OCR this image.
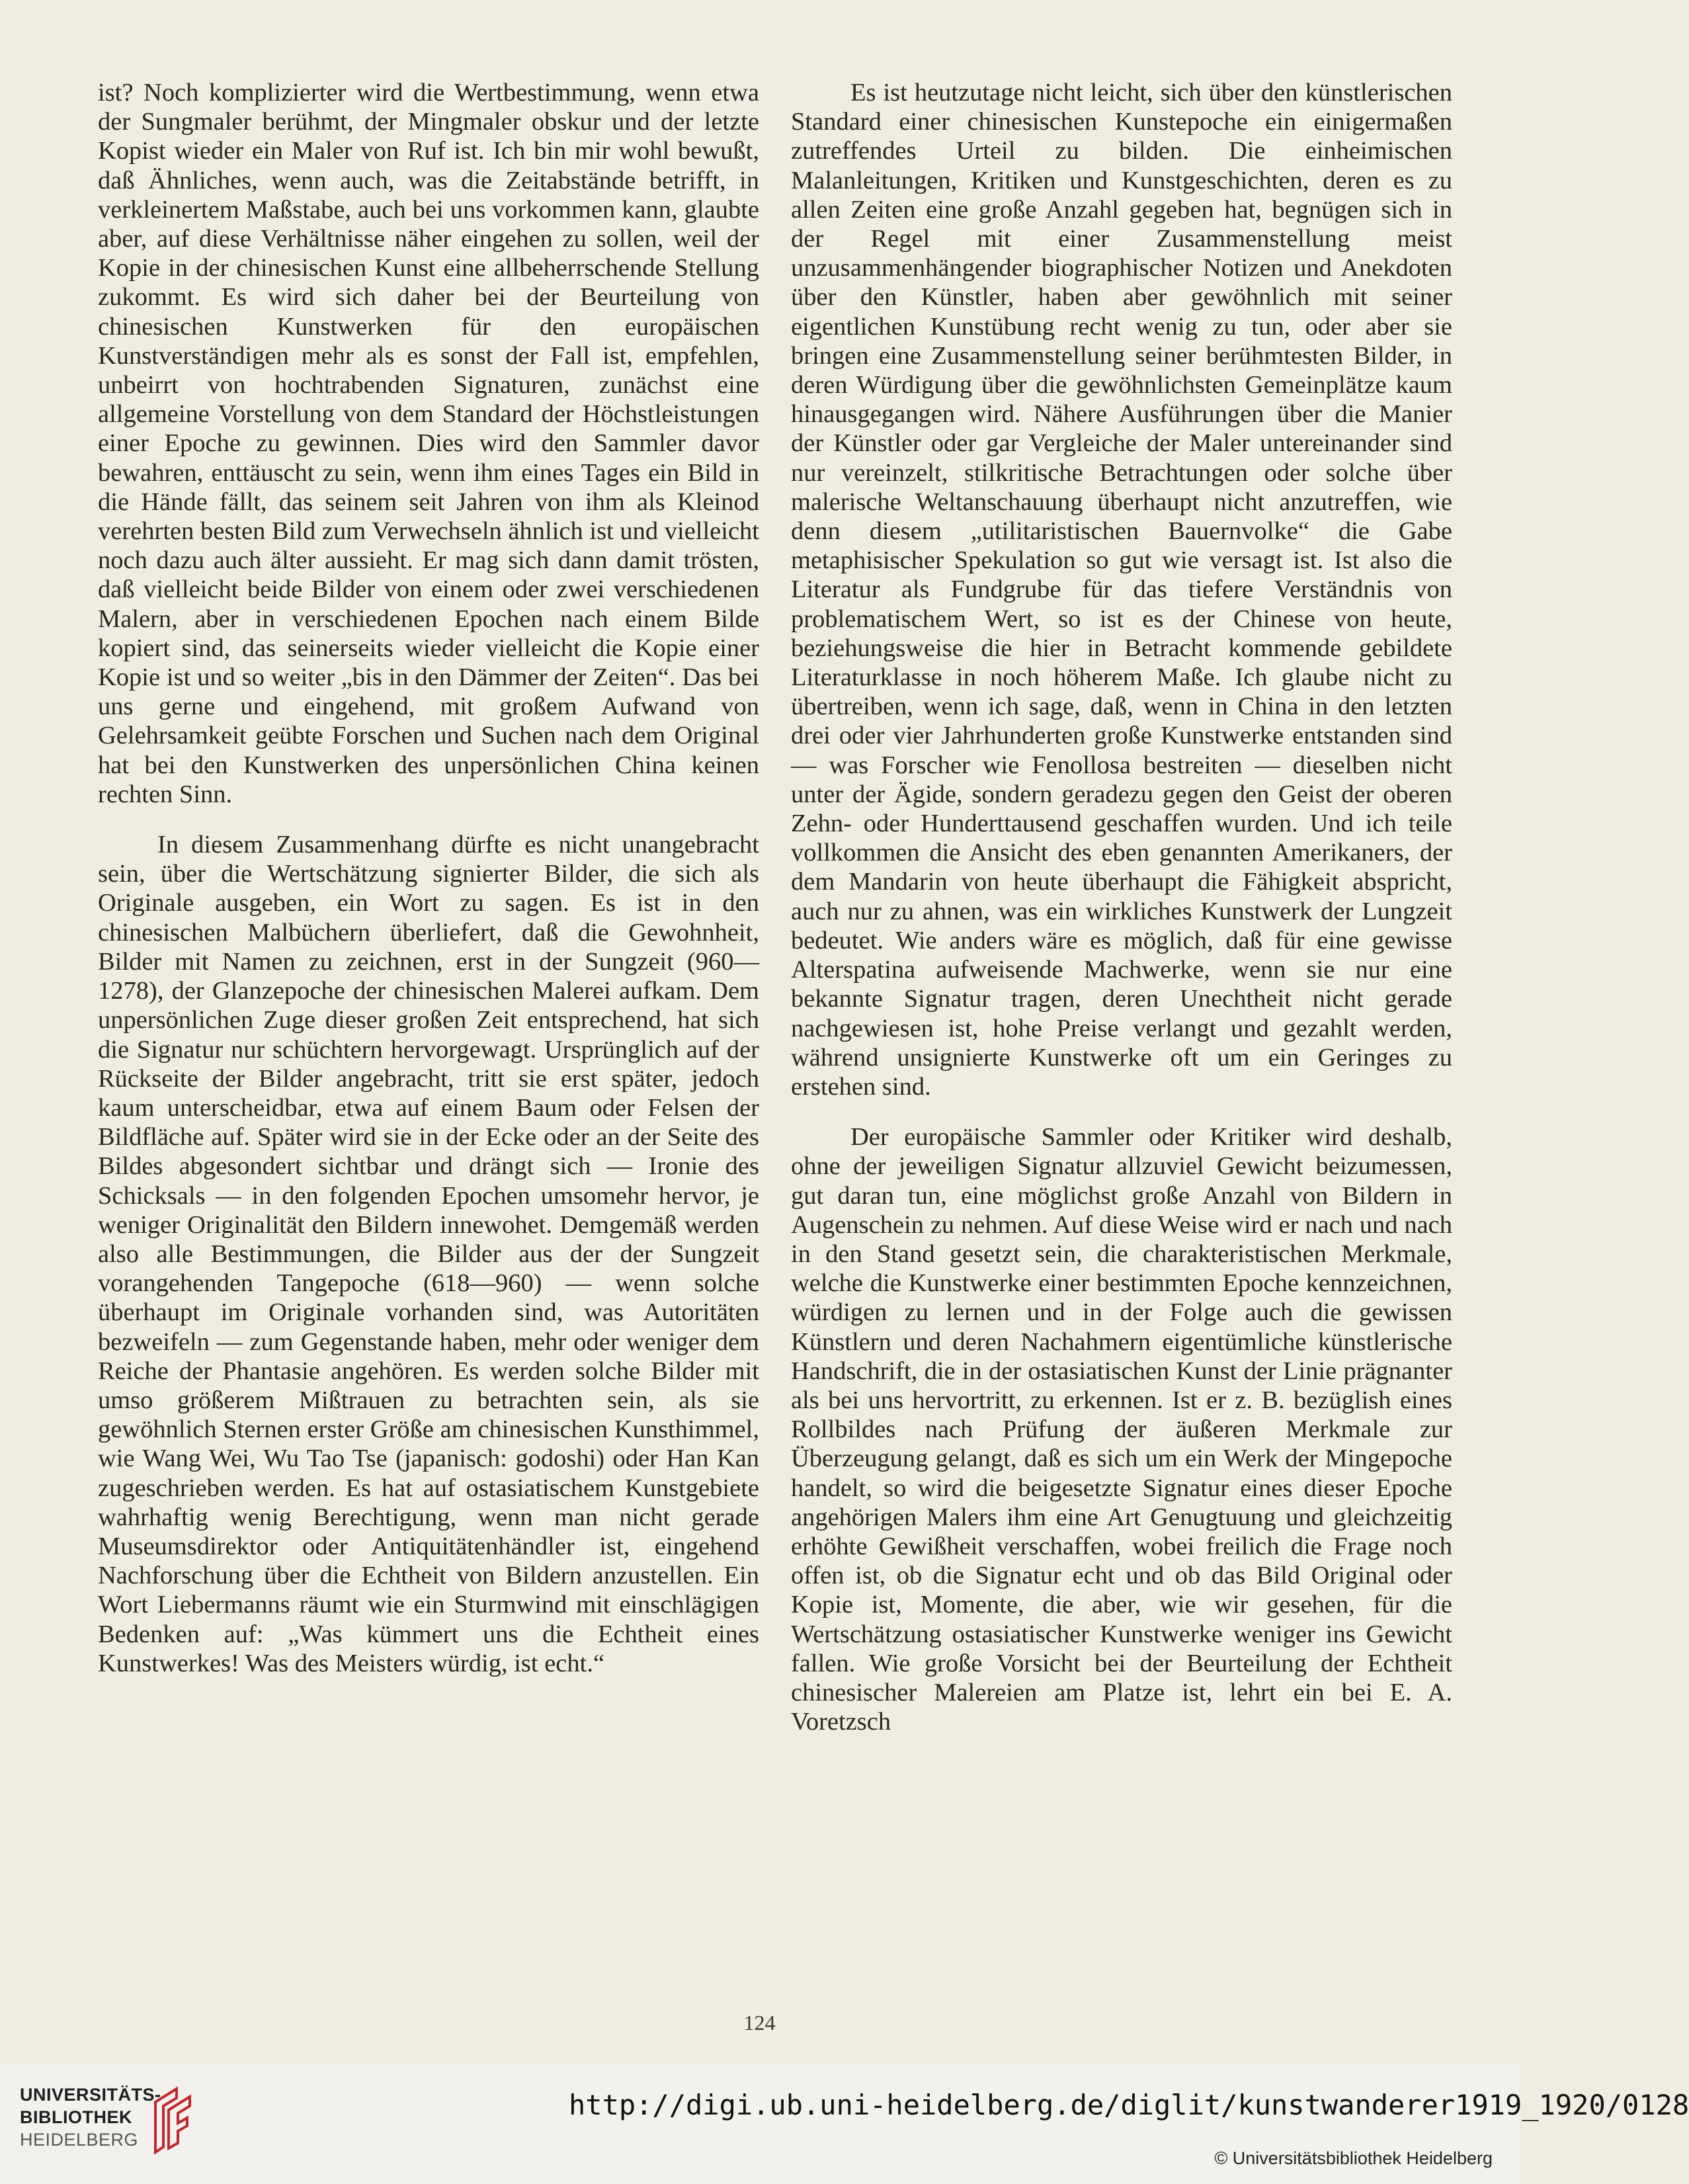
ist? Noch komplizierter wird die Wertbestimmung, wenn etwa der Sungmaler berühmt, der Mingmaler obskur und der letzte Kopist wieder ein Maler von Ruf ist. Ich bin mir wohl bewußt, daß Ähnliches, wenn auch, was die Zeitabstände betrifft, in verkleinertem Maßstabe, auch bei uns vorkommen kann, glaubte aber, auf diese Verhältnisse näher eingehen zu sollen, weil der Kopie in der chinesischen Kunst eine allbeherrschende Stellung zukommt. Es wird sich daher bei der Beurteilung von chinesischen Kunstwerken für den europäischen Kunstverständigen mehr als es sonst der Fall ist, empfehlen, unbeirrt von hochtrabenden Signaturen, zunächst eine allgemeine Vorstellung von dem Standard der Höchstleistungen einer Epoche zu gewinnen. Dies wird den Sammler davor bewahren, enttäuscht zu sein, wenn ihm eines Tages ein Bild in die Hände fällt, das seinem seit Jahren von ihm als Kleinod verehrten besten Bild zum Verwechseln ähnlich ist und vielleicht noch dazu auch älter aussieht. Er mag sich dann damit trösten, daß vielleicht beide Bilder von einem oder zwei verschiedenen Malern, aber in verschiedenen Epochen nach einem Bilde kopiert sind, das seinerseits wieder vielleicht die Kopie einer Kopie ist und so weiter „bis in den Dämmer der Zeiten“. Das bei uns gerne und eingehend, mit großem Aufwand von Gelehrsamkeit geübte Forschen und Suchen nach dem Original hat bei den Kunstwerken des unpersönlichen China keinen rechten Sinn.

In diesem Zusammenhang dürfte es nicht unangebracht sein, über die Wertschätzung signierter Bilder, die sich als Originale ausgeben, ein Wort zu sagen. Es ist in den chinesischen Malbüchern überliefert, daß die Gewohnheit, Bilder mit Namen zu zeichnen, erst in der Sungzeit (960—1278), der Glanzepoche der chinesischen Malerei aufkam. Dem unpersönlichen Zuge dieser großen Zeit entsprechend, hat sich die Signatur nur schüchtern hervorgewagt. Ursprünglich auf der Rückseite der Bilder angebracht, tritt sie erst später, jedoch kaum unterscheidbar, etwa auf einem Baum oder Felsen der Bildfläche auf. Später wird sie in der Ecke oder an der Seite des Bildes abgesondert sichtbar und drängt sich — Ironie des Schicksals — in den folgenden Epochen umsomehr hervor, je weniger Originalität den Bildern innewohet. Demgemäß werden also alle Bestimmungen, die Bilder aus der der Sungzeit vorangehenden Tangepoche (618—960) — wenn solche überhaupt im Originale vorhanden sind, was Autoritäten bezweifeln — zum Gegenstande haben, mehr oder weniger dem Reiche der Phantasie angehören. Es werden solche Bilder mit umso größerem Mißtrauen zu betrachten sein, als sie gewöhnlich Sternen erster Größe am chinesischen Kunsthimmel, wie Wang Wei, Wu Tao Tse (japanisch: godoshi) oder Han Kan zugeschrieben werden. Es hat auf ostasiatischem Kunstgebiete wahrhaftig wenig Berechtigung, wenn man nicht gerade Museumsdirektor oder Antiquitätenhändler ist, eingehend Nachforschung über die Echtheit von Bildern anzustellen. Ein Wort Liebermanns räumt wie ein Sturmwind mit einschlägigen Bedenken auf: „Was kümmert uns die Echtheit eines Kunstwerkes! Was des Meisters würdig, ist echt.“

Es ist heutzutage nicht leicht, sich über den künstlerischen Standard einer chinesischen Kunstepoche ein einigermaßen zutreffendes Urteil zu bilden. Die einheimischen Malanleitungen, Kritiken und Kunstgeschichten, deren es zu allen Zeiten eine große Anzahl gegeben hat, begnügen sich in der Regel mit einer Zusammenstellung meist unzusammenhängender biographischer Notizen und Anekdoten über den Künstler, haben aber gewöhnlich mit seiner eigentlichen Kunstübung recht wenig zu tun, oder aber sie bringen eine Zusammenstellung seiner berühmtesten Bilder, in deren Würdigung über die gewöhnlichsten Gemeinplätze kaum hinausgegangen wird. Nähere Ausführungen über die Manier der Künstler oder gar Vergleiche der Maler untereinander sind nur vereinzelt, stilkritische Betrachtungen oder solche über malerische Weltanschauung überhaupt nicht anzutreffen, wie denn diesem „utilitaristischen Bauernvolke“ die Gabe metaphisischer Spekulation so gut wie versagt ist. Ist also die Literatur als Fundgrube für das tiefere Verständnis von problematischem Wert, so ist es der Chinese von heute, beziehungsweise die hier in Betracht kommende gebildete Literaturklasse in noch höherem Maße. Ich glaube nicht zu übertreiben, wenn ich sage, daß, wenn in China in den letzten drei oder vier Jahrhunderten große Kunstwerke entstanden sind — was Forscher wie Fenollosa bestreiten — dieselben nicht unter der Ägide, sondern geradezu gegen den Geist der oberen Zehn- oder Hunderttausend geschaffen wurden. Und ich teile vollkommen die Ansicht des eben genannten Amerikaners, der dem Mandarin von heute überhaupt die Fähigkeit abspricht, auch nur zu ahnen, was ein wirkliches Kunstwerk der Lungzeit bedeutet. Wie anders wäre es möglich, daß für eine gewisse Alterspatina aufweisende Machwerke, wenn sie nur eine bekannte Signatur tragen, deren Unechtheit nicht gerade nachgewiesen ist, hohe Preise verlangt und gezahlt werden, während unsignierte Kunstwerke oft um ein Geringes zu erstehen sind.

Der europäische Sammler oder Kritiker wird deshalb, ohne der jeweiligen Signatur allzuviel Gewicht beizumessen, gut daran tun, eine möglichst große Anzahl von Bildern in Augenschein zu nehmen. Auf diese Weise wird er nach und nach in den Stand gesetzt sein, die charakteristischen Merkmale, welche die Kunstwerke einer bestimmten Epoche kennzeichnen, würdigen zu lernen und in der Folge auch die gewissen Künstlern und deren Nachahmern eigentümliche künstlerische Handschrift, die in der ostasiatischen Kunst der Linie prägnanter als bei uns hervortritt, zu erkennen. Ist er z. B. bezüglish eines Rollbildes nach Prüfung der äußeren Merkmale zur Überzeugung gelangt, daß es sich um ein Werk der Mingepoche handelt, so wird die beigesetzte Signatur eines dieser Epoche angehörigen Malers ihm eine Art Genugtuung und gleichzeitig erhöhte Gewißheit verschaffen, wobei freilich die Frage noch offen ist, ob die Signatur echt und ob das Bild Original oder Kopie ist, Momente, die aber, wie wir gesehen, für die Wertschätzung ostasiatischer Kunstwerke weniger ins Gewicht fallen. Wie große Vorsicht bei der Beurteilung der Echtheit chinesischer Malereien am Platze ist, lehrt ein bei E. A. Voretzsch

124
UNIVERSITÄTS-
BIBLIOTHEK
HEIDELBERG
http://digi.ub.uni-heidelberg.de/diglit/kunstwanderer1919_1920/0128
© Universitätsbibliothek Heidelberg
